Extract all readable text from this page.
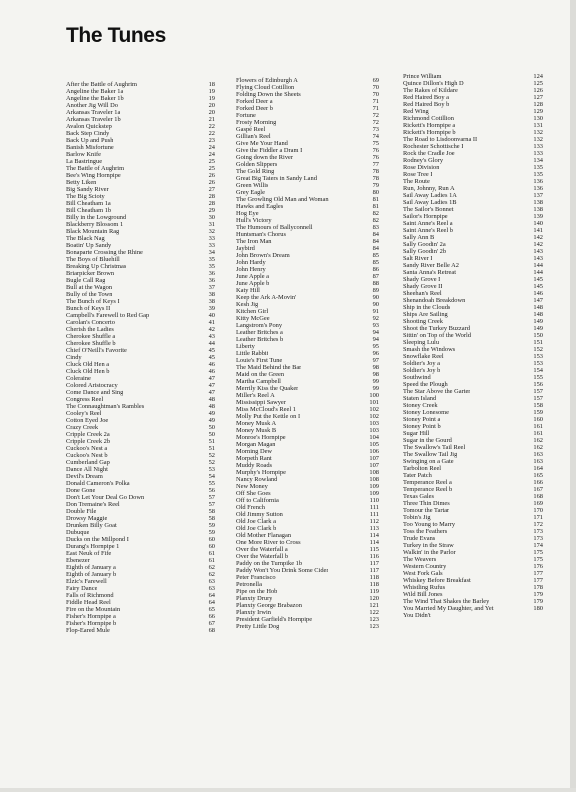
The Tunes
After the Battle of Aughrim	18
Angeline the Baker 1a	19
Angeline the Baker 1b	19
Another Jig Will Do	20
Arkansas Traveler 1a	20
Arkansas Traveler 1b	21
Avalon Quickstep	22
Back Step Cindy	22
Back Up and Push	23
Banish Misfortune	24
Barlow Knife	24
La Bastringue	25
The Battle of Aughrim	25
Bee's Wing Hornpipe	26
Betty Liken	26
Big Sandy River	27
The Big Scioty	28
Bill Cheatham 1a	28
Bill Cheatham 1b	29
Billy in the Lowground	30
Blackberry Blossom 1	31
Black Mountain Rag	32
The Black Nag	33
Boatin' Up Sandy	33
Bonaparte Crossing the Rhine	34
The Boys of Bluehill	35
Breaking Up Christmas	35
Briarpicker Brown	36
Bugle Call Rag	36
Bull at the Wagon	37
Bully of the Town	38
The Bunch of Keys I	38
Bunch of Keys II	39
Campbell's Farewell to Red Gap	40
Carolan's Concerto	41
Cherish the Ladies	42
Cherokee Shuffle a	43
Cherokee Shuffle b	44
Chief O'Neill's Favorite	45
Cindy	45
Cluck Old Hen a	46
Cluck Old Hen b	46
Coleraine	47
Colored Aristocracy	47
Come Dance and Sing	47
Congress Reel	48
The Connaughtman's Rambles	48
Cooley's Reel	49
Cotton Eyed Joe	49
Crazy Creek	50
Cripple Creek 2a	50
Cripple Creek 2b	51
Cuckoo's Nest a	51
Cuckoo's Nest b	52
Cumberland Gap	52
Dance All Night	53
Devil's Dream	54
Donald Cameron's Polka	55
Done Gone	56
Don't Let Your Deal Go Down	57
Don Tremaine's Reel	57
Double File	58
Drowsy Maggie	58
Drunken Billy Goat	59
Dubuque	59
Ducks on the Millpond I	60
Durang's Hornpipe 1	60
East Neuk of Fife	61
Ebenezer	61
Eighth of January a	62
Eighth of January b	62
Elzic's Farewell	63
Fairy Dance	63
Falls of Richmond	64
Fiddle Head Reel	64
Fire on the Mountain	65
Fisher's Hornpipe a	66
Fisher's Hornpipe b	67
Flop-Eared Mule	68
Flowers of Edinburgh A	69
Flying Cloud Cotillion	70
Folding Down the Sheets	70
Forked Deer a	71
Forked Deer b	71
Fortune	72
Frosty Morning	72
Gaspé Reel	73
Gillian's Reel	74
Give Me Your Hand	75
Give the Fiddler a Dram I	76
Going down the River	76
Golden Slippers	77
The Gold Ring	78
Great Big Taters in Sandy Land	78
Green Willis	79
Grey Eagle	80
The Growling Old Man and Woman	81
Hawks and Eagles	81
Hog Eye	82
Hull's Victory	82
The Humours of Ballyconnell	83
Huntsman's Chorus	84
The Iron Man	84
Jaybird	84
John Brown's Dream	85
John Hardy	85
John Henry	86
June Apple a	87
June Apple b	88
Katy Hill	89
Keep the Ark A-Movin'	90
Kesh Jig	90
Kitchen Girl	91
Kitty McGee	92
Langstrom's Pony	93
Leather Britches a	94
Leather Britches b	94
Liberty	95
Little Rabbit	96
Louie's First Tune	97
The Maid Behind the Bar	98
Maid on the Green	98
Martha Campbell	99
Merrily Kiss the Quaker	99
Miller's Reel A	100
Mississippi Sawyer	101
Miss McCloud's Reel 1	102
Molly Put the Kettle on I	102
Money Musk A	103
Money Musk B	103
Monroe's Hornpipe	104
Morgan Magan	105
Morning Dew	106
Morpeth Rant	107
Muddy Roads	107
Murphy's Hornpipe	108
Nancy Rowland	108
New Money	109
Off She Goes	109
Off to California	110
Old French	111
Old Jimmy Sutton	111
Old Joe Clark a	112
Old Joe Clark b	113
Old Mother Flanagan	114
One More River to Cross	114
Over the Waterfall a	115
Over the Waterfall b	116
Paddy on the Turnpike 1b	117
Paddy Won't You Drink Some Cider	117
Peter Francisco	118
Petronella	118
Pipe on the Hob	119
Planxty Drury	120
Planxty George Brabazon	121
Planxty Irwin	122
President Garfield's Hornpipe	123
Pretty Little Dog	123
Prince William	124
Quince Dillon's High D	125
The Rakes of Kildare	126
Red Haired Boy a	127
Red Haired Boy b	128
Red Wing	129
Richmond Cotillion	130
Rickett's Hornpipe a	131
Rickett's Hornpipe b	132
The Road to Lisdoonvarna II	132
Rochester Schottische I	133
Rock the Cradle Joe	133
Rodney's Glory	134
Rose Division	135
Rose Tree I	135
The Route	136
Run, Johnny, Run A	136
Sail Away Ladies 1A	137
Sail Away Ladies 1B	138
The Sailor's Bonnet	138
Sailor's Hornpipe	139
Saint Anne's Reel a	140
Saint Anne's Reel b	141
Sally Ann B	142
Sally Goodin' 2a	142
Sally Goodin' 2b	143
Salt River I	143
Sandy River Belle A2	144
Santa Anna's Retreat	144
Shady Grove I	145
Shady Grove II	145
Sheehan's Reel	146
Shenandoah Breakdown	147
Ship in the Clouds	148
Ships Are Sailing	148
Shooting Creek	149
Shoot the Turkey Buzzard	149
Sittin' on Top of the World	150
Sleeping Lulu	151
Smash the Windows	152
Snowflake Reel	153
Soldier's Joy a	153
Soldier's Joy b	154
Southwind	155
Speed the Plough	156
The Star Above the Garter	157
Staten Island	157
Stoney Creek	158
Stoney Lonesome	159
Stoney Point a	160
Stoney Point b	161
Sugar Hill	161
Sugar in the Gourd	162
The Swallow's Tail Reel	162
The Swallow Tail Jig	163
Swinging on a Gate	163
Tarbolton Reel	164
Tater Patch	165
Temperance Reel a	166
Temperance Reel b	167
Texas Gales	168
Three Thin Dimes	169
Tomour the Tartar	170
Tobin's Jig	171
Too Young to Marry	172
Toss the Feathers	173
Trude Evans	173
Turkey in the Straw	174
Walkin' in the Parlor	175
The Weavers	175
Western Country	176
West Fork Gals	177
Whiskey Before Breakfast	177
Whistling Rufus	178
Wild Bill Jones	179
The Wind That Shakes the Barley	179
You Married My Daughter, and Yet	180
You Didn't
